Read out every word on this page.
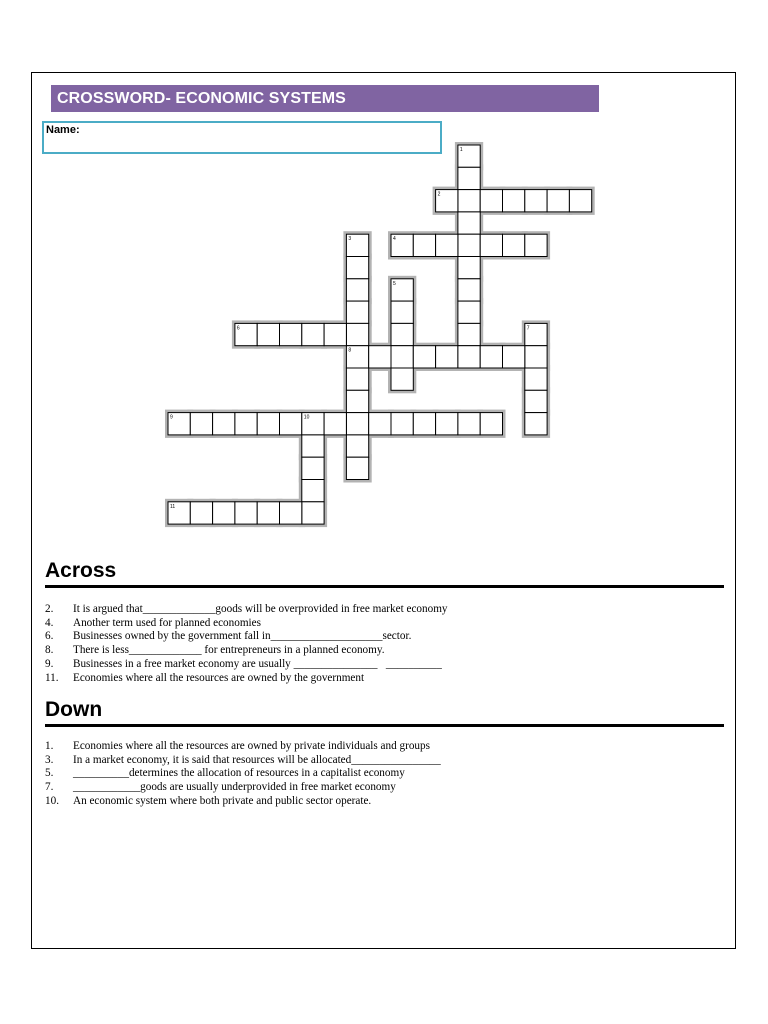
CROSSWORD- ECONOMIC SYSTEMS
Name:
1
2
3	4
5
6	7
8
9	10
11
Across
2. It is argued that_____________goods will be overprovided in free market economy
4. Another term used for planned economies
6. Businesses owned by the government fall in____________________sector.
8. There is less_____________ for entrepreneurs in a planned economy.
9. Businesses in a free market economy are usually _______________   __________
11. Economies where all the resources are owned by the government
Down
1. Economies where all the resources are owned by private individuals and groups
3. In a market economy, it is said that resources will be allocated________________
5. __________determines the allocation of resources in a capitalist economy
7. ____________goods are usually underprovided in free market economy
10. An economic system where both private and public sector operate.
